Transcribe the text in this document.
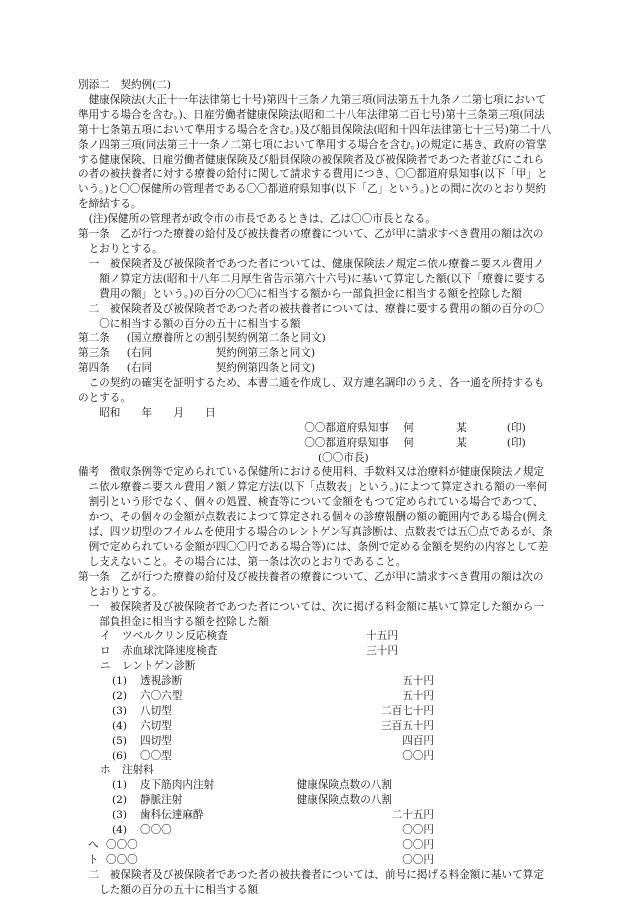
別添二　契約例(二)

健康保険法(大正十一年法律第七十号)第四十三条ノ九第三項(同法第五十九条ノ二第七項において準用する場合を含む。)、日雇労働者健康保険法(昭和二十八年法律第二百七号)第十三条第三項(同法第十七条第五項において準用する場合を含む。)及び船員保険法(昭和十四年法律第七十三号)第二十八条ノ四第三項(同法第三十一条ノ二第七項において準用する場合を含む。)の規定に基き、政府の管掌する健康保険、日雇労働者健康保険及び船員保険の被保険者及び被保険者であつた者並びにこれらの者の被扶養者に対する療養の給付に関して請求する費用につき、〇〇都道府県知事(以下「甲」という。)と〇〇保健所の管理者である〇〇都道府県知事(以下「乙」という。)との間に次のとおり契約を締結する。

(注)保健所の管理者が政令市の市長であるときは、乙は〇〇市長となる。

第一条　乙が行つた療養の給付及び被扶養者の療養について、乙が甲に請求すべき費用の額は次のとおりとする。

一　被保険者及び被保険者であつた者については、健康保険法ノ規定ニ依ル療養ニ要スル費用ノ額ノ算定方法(昭和十八年二月厚生省告示第六十六号)に基いて算定した額(以下「療養に要する費用の額」という。)の百分の〇〇に相当する額から一部負担金に相当する額を控除した額

二　被保険者及び被保険者であつた者の被扶養者については、療養に要する費用の額の百分の〇〇に相当する額の百分の五十に相当する額

第二条	(国立療養所との割引契約例第二条と同文)
第三条	(右同　　　　　　契約例第三条と同文)
第四条	(右同　　　　　　契約例第四条と同文)

この契約の確実を証明するため、本書二通を作成し、双方連名調印のうえ、各一通を所持するものとする。

昭和　　年　　月　　日
〇〇都道府県知事	何　　　　某	(印)
〇〇都道府県知事	何　　　　某	(印)
(〇〇市長)

備考　徴収条例等で定められている保健所における使用料、手数料又は治療料が健康保険法ノ規定ニ依ル療養ニ要スル費用ノ額ノ算定方法(以下「点数表」という。)によつて算定される額の一率何割引という形でなく、個々の処置、検査等について金額をもつて定められている場合であつて、かつ、その個々の金額が点数表によつて算定される個々の診療報酬の額の範囲内である場合(例えば、四ツ切型のフイルムを使用する場合のレントゲン写真診断は、点数表では五〇点であるが、条例で定められている金額が四〇〇円である場合等)には、条例で定める金額を契約の内容として差し支えないこと。その場合には、第一条は次のとおりであること。

第一条　乙が行つた療養の給付及び被扶養者の療養について、乙が甲に請求すべき費用の額は次のとおりとする。

一　被保険者及び被保険者であつた者については、次に掲げる料金額に基いて算定した額から一部負担金に相当する額を控除した額

イ ツベルクリン反応検査	十五円
ロ 赤血球沈降速度検査	三十円
ニ レントゲン診断
(1) 透視診断	五十円
(2) 六〇六型	五十円
(3) 八切型	二百七十円
(4) 六切型	三百五十円
(5) 四切型	四百円
(6) 〇〇型	〇〇円
ホ 注射料
(1) 皮下筋肉内注射	健康保険点数の八割
(2) 静脈注射	健康保険点数の八割
(3) 歯科伝達麻酔	二十五円
(4) 〇〇〇	〇〇円
へ 〇〇〇	〇〇円
ト 〇〇〇	〇〇円

二　被保険者及び被保険者であつた者の被扶養者については、前号に掲げる料金額に基いて算定した額の百分の五十に相当する額
